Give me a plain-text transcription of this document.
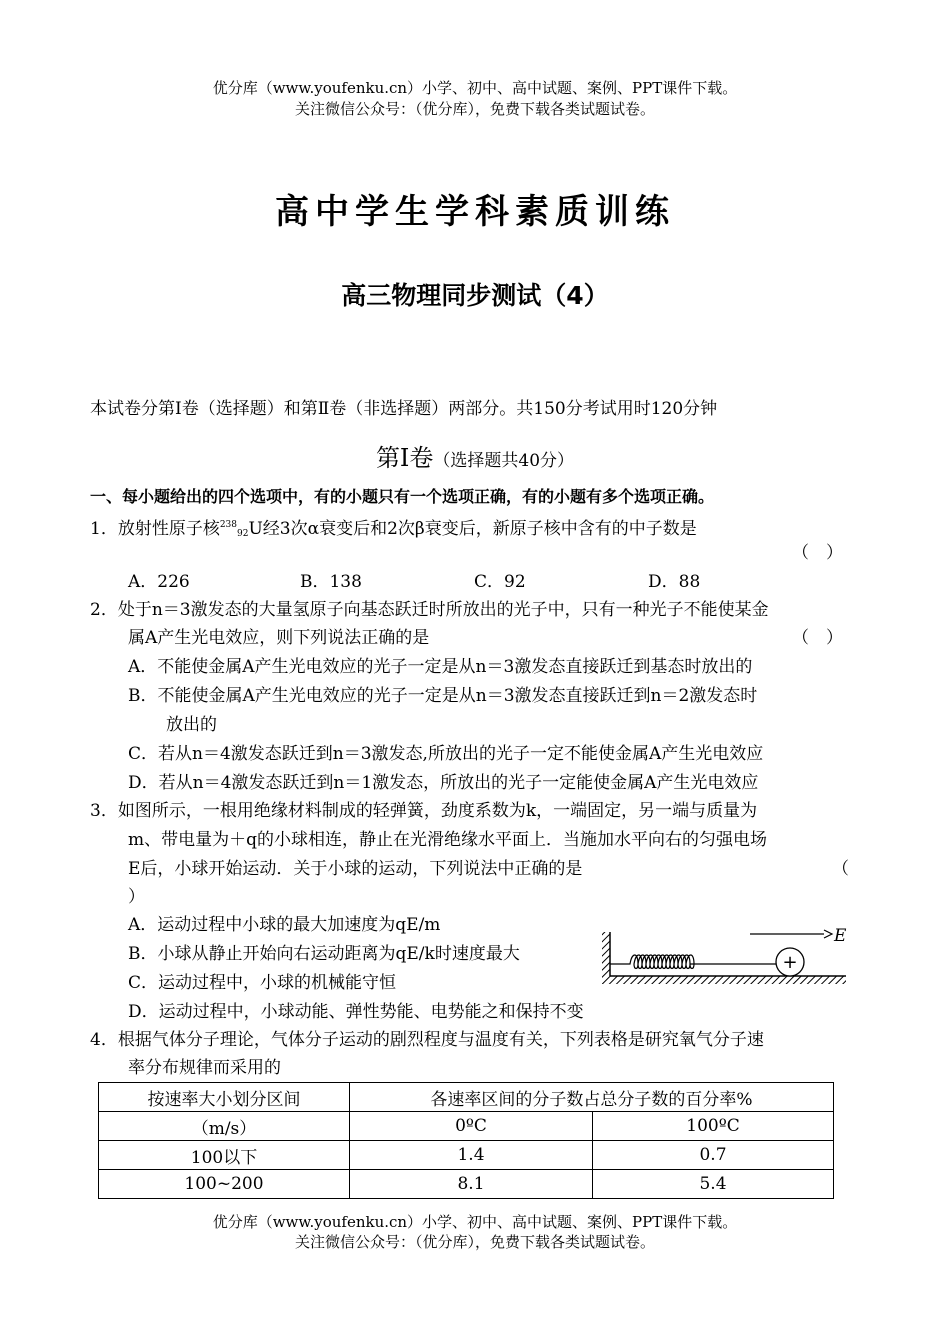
优分库（www.youfenku.cn）小学、初中、高中试题、案例、PPT课件下载。
关注微信公众号：（优分库），免费下载各类试题试卷。
高中学生学科素质训练
高三物理同步测试（4）
本试卷分第Ⅰ卷（选择题）和第Ⅱ卷（非选择题）两部分。共150分考试用时120分钟
第Ⅰ卷（选择题共40分）
一、每小题给出的四个选项中，有的小题只有一个选项正确，有的小题有多个选项正确。
1．放射性原子核$^{238}_{92}$U经3次α衰变后和2次β衰变后，新原子核中含有的中子数是
（　）
A．226	B．138	C．92	D．88
2．处于n＝3激发态的大量氢原子向基态跃迁时所放出的光子中，只有一种光子不能使某金
属A产生光电效应，则下列说法正确的是	（　）
A．不能使金属A产生光电效应的光子一定是从n＝3激发态直接跃迁到基态时放出的
B．不能使金属A产生光电效应的光子一定是从n＝3激发态直接跃迁到n＝2激发态时
放出的
C．若从n＝4激发态跃迁到n＝3激发态,所放出的光子一定不能使金属A产生光电效应
D．若从n＝4激发态跃迁到n＝1激发态，所放出的光子一定能使金属A产生光电效应
3．如图所示，一根用绝缘材料制成的轻弹簧，劲度系数为k，一端固定，另一端与质量为
m、带电量为＋q的小球相连，静止在光滑绝缘水平面上．当施加水平向右的匀强电场
E后，小球开始运动．关于小球的运动，下列说法中正确的是	（
）
A．运动过程中小球的最大加速度为qE/m
B．小球从静止开始向右运动距离为qE/k时速度最大
C．运动过程中，小球的机械能守恒
D．运动过程中，小球动能、弹性势能、电势能之和保持不变
+
E
4．根据气体分子理论，气体分子运动的剧烈程度与温度有关，下列表格是研究氧气分子速
率分布规律而采用的
按速率大小划分区间	各速率区间的分子数占总分子数的百分率%	
（m/s）	0ºC	100ºC
100以下	1.4	0.7
100~200	8.1	5.4
优分库（www.youfenku.cn）小学、初中、高中试题、案例、PPT课件下载。
关注微信公众号：（优分库），免费下载各类试题试卷。
